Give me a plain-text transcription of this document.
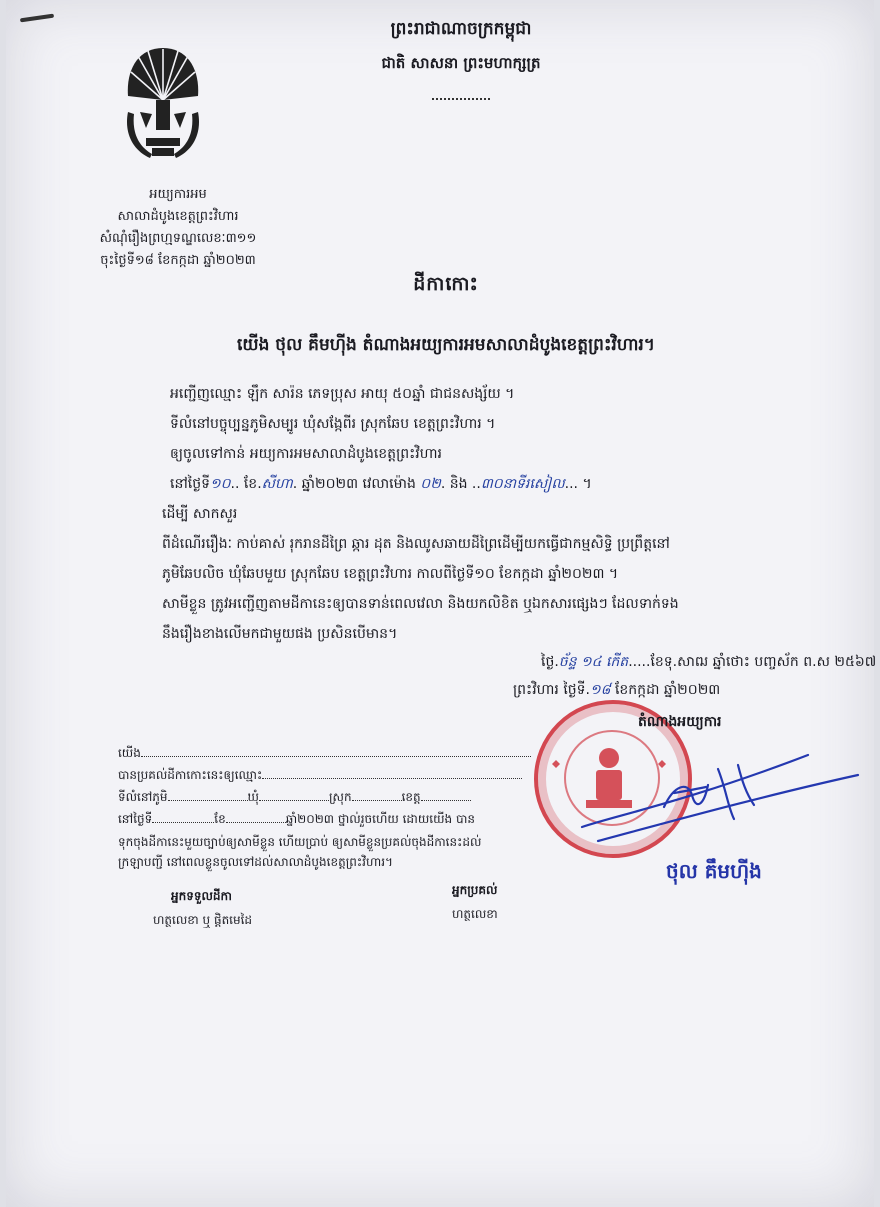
ព្រះរាជាណាចក្រកម្ពុជា
ជាតិ សាសនា ព្រះមហាក្សត្រ
អយ្យការអម
សាលាដំបូងខេត្តព្រះវិហារ
សំណុំរឿងព្រហ្មទណ្ឌលេខៈ៣១១
ចុះថ្ងៃទី១៨ ខែកក្កដា ឆ្នាំ២០២៣
ដីកាកោះ
យើង ថុល គឹមហ៊ីង តំណាងអយ្យការអមសាលាដំបូងខេត្តព្រះវិហារ។
អញ្ជើញឈ្មោះ ឡឹក សារ៉ន ភេទប្រុស អាយុ ៥០ឆ្នាំ ជាជនសង្ស័យ ។
ទីលំនៅបច្ចុប្បន្នភូមិសម្បូរ ឃុំសង្កែពីរ ស្រុកឆែប ខេត្តព្រះវិហារ ។
ឲ្យចូលទៅកាន់ អយ្យការអមសាលាដំបូងខេត្តព្រះវិហារ
នៅថ្ងៃទី១០.. ខែ.សីហា. ឆ្នាំ២០២៣ វេលាម៉ោង ០២. និង ..៣០នាទីរសៀល... ។
ដើម្បី សាកសួរ
ពីដំណើររឿងៈ កាប់គាស់ រុករានដីព្រៃ ឆ្ការ ដុត និងឈូសឆាយដីព្រៃដើម្បីយកធ្វើជាកម្មសិទ្ធិ ប្រព្រឹត្តនៅ
ភូមិឆែបលិច ឃុំឆែបមួយ ស្រុកឆែប ខេត្តព្រះវិហារ កាលពីថ្ងៃទី១០ ខែកក្កដា ឆ្នាំ២០២៣ ។
សាមីខ្លួន ត្រូវអញ្ជើញតាមដីកានេះឲ្យបានទាន់ពេលវេលា និងយកលិខិត ឬឯកសារផ្សេងៗ ដែលទាក់ទង
នឹងរឿងខាងលើមកជាមួយផង ប្រសិនបើមាន។
ថ្ងៃ.ច័ន្ទ ១៤ កើត.....ខែទុ.សាឍ ឆ្នាំថោះ បញ្ចស័ក ព.ស ២៥៦៧
ព្រះវិហារ ថ្ងៃទី.១៨ ខែកក្កដា ឆ្នាំ២០២៣
តំណាងអយ្យការ
ថុល គឹមហ៊ីង
យើង
បានប្រគល់ដីកាកោះនេះឲ្យឈ្មោះ
ទីលំនៅភូមិ	ឃុំ	ស្រុក	ខេត្ត
នៅថ្ងៃទី	ខែ	ឆ្នាំ២០២៣ ថ្នាល់រួចហើយ ដោយយើង បាន
ទុកចុងដីកានេះមួយច្បាប់ឲ្យសាមីខ្លួន ហើយប្រាប់ ឲ្យសាមីខ្លួនប្រគល់ចុងដីកានេះដល់
ក្រឡាបញ្ជី នៅពេលខ្លួនចូលទៅដល់សាលាដំបូងខេត្តព្រះវិហារ។
អ្នកទទួលដីកា
ហត្ថលេខា ឬ ផ្តិតមេដៃ
អ្នកប្រគល់
ហត្ថលេខា
